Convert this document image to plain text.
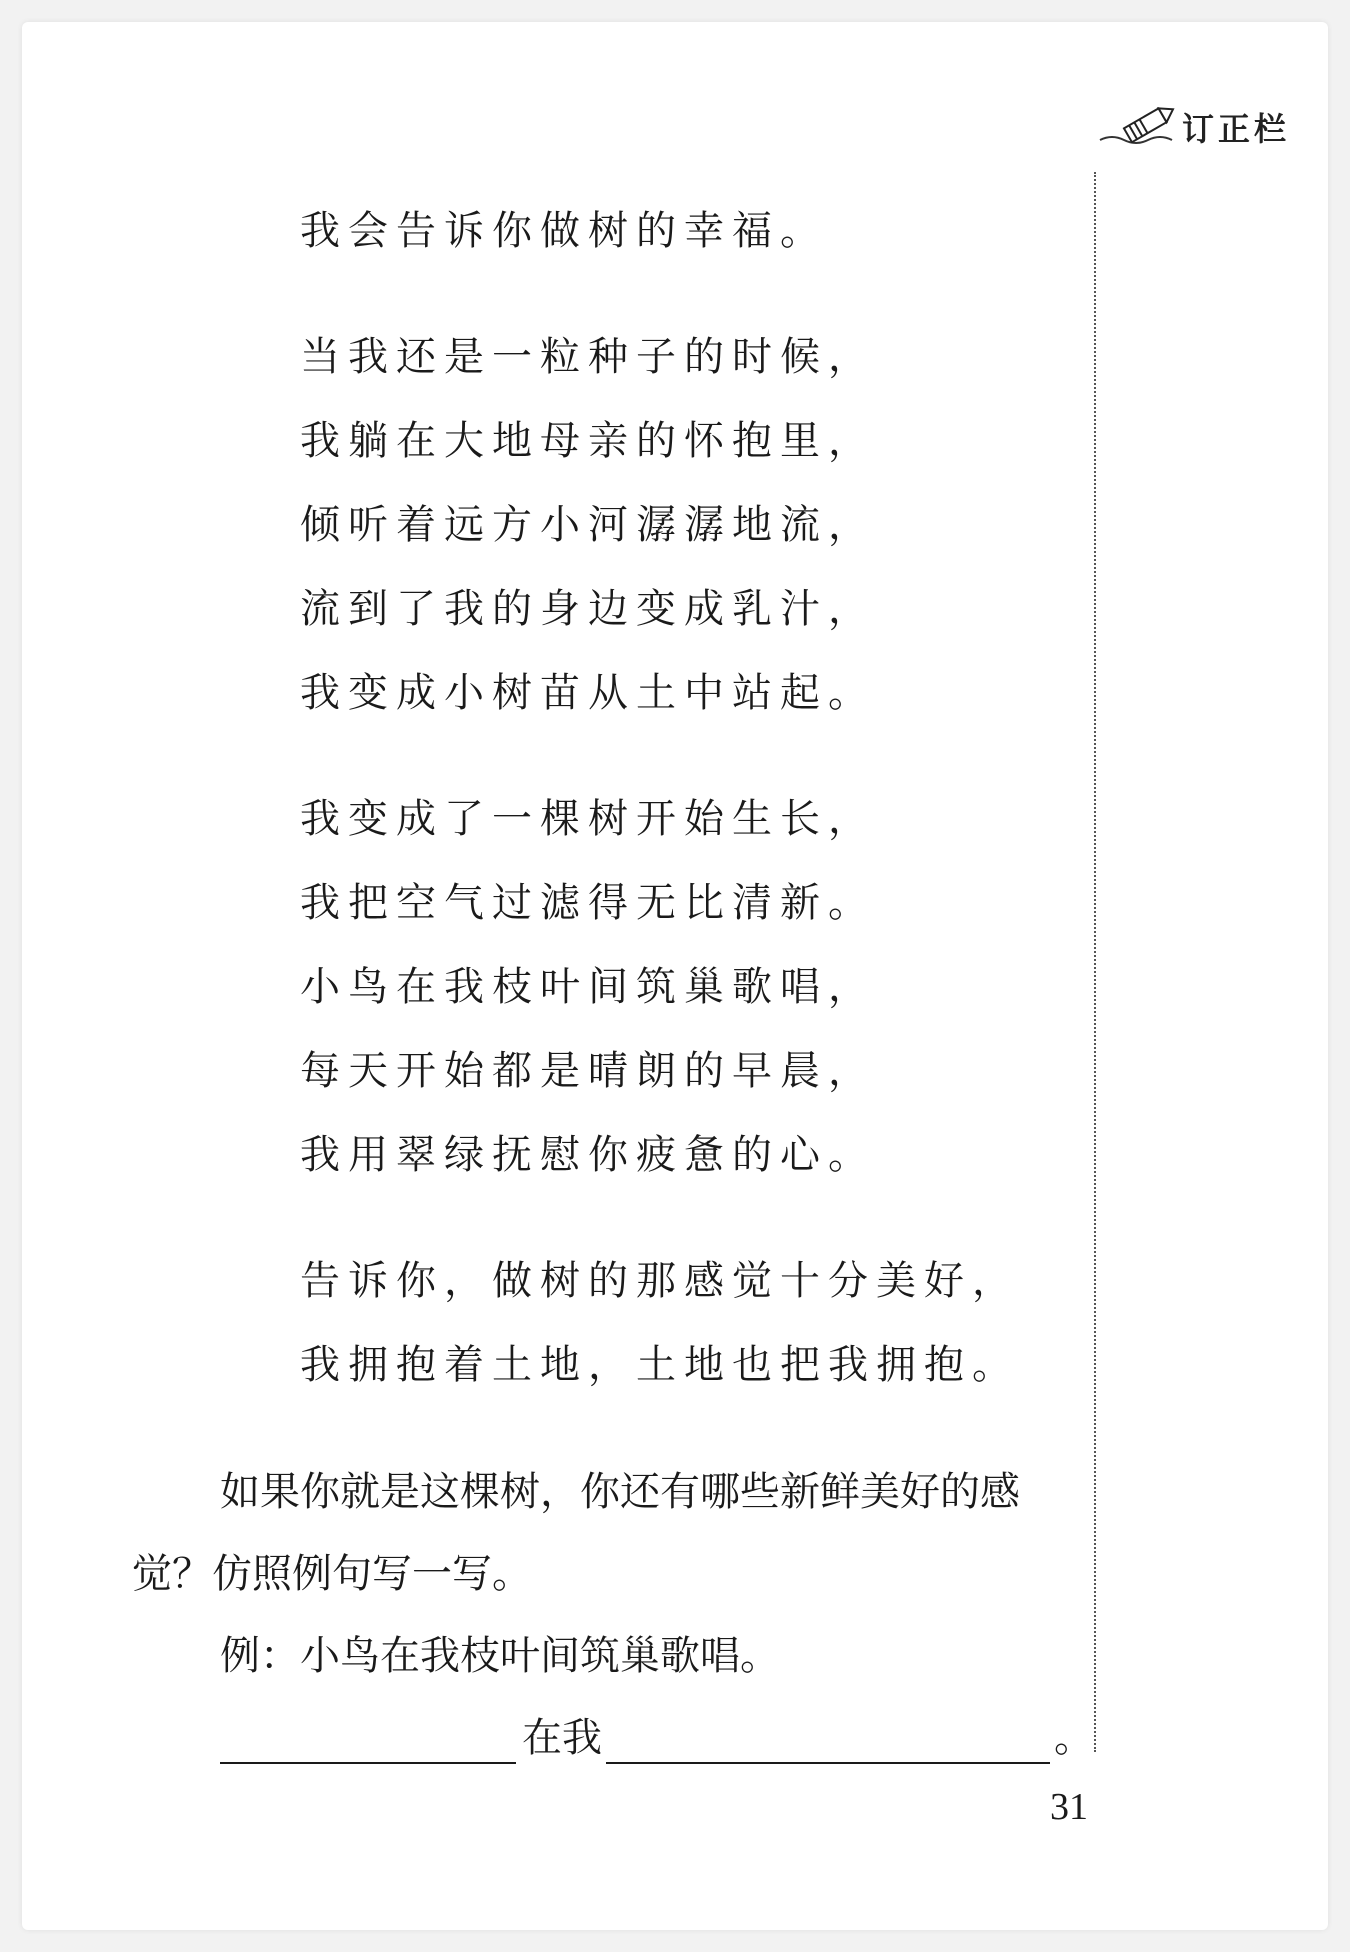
订正栏
我会告诉你做树的幸福。
当我还是一粒种子的时候，
我躺在大地母亲的怀抱里，
倾听着远方小河潺潺地流，
流到了我的身边变成乳汁，
我变成小树苗从土中站起。
我变成了一棵树开始生长，
我把空气过滤得无比清新。
小鸟在我枝叶间筑巢歌唱，
每天开始都是晴朗的早晨，
我用翠绿抚慰你疲惫的心。
告诉你，做树的那感觉十分美好，
我拥抱着土地，土地也把我拥抱。
如果你就是这棵树，你还有哪些新鲜美好的感
觉？仿照例句写一写。
例：小鸟在我枝叶间筑巢歌唱。
在我	。
31
